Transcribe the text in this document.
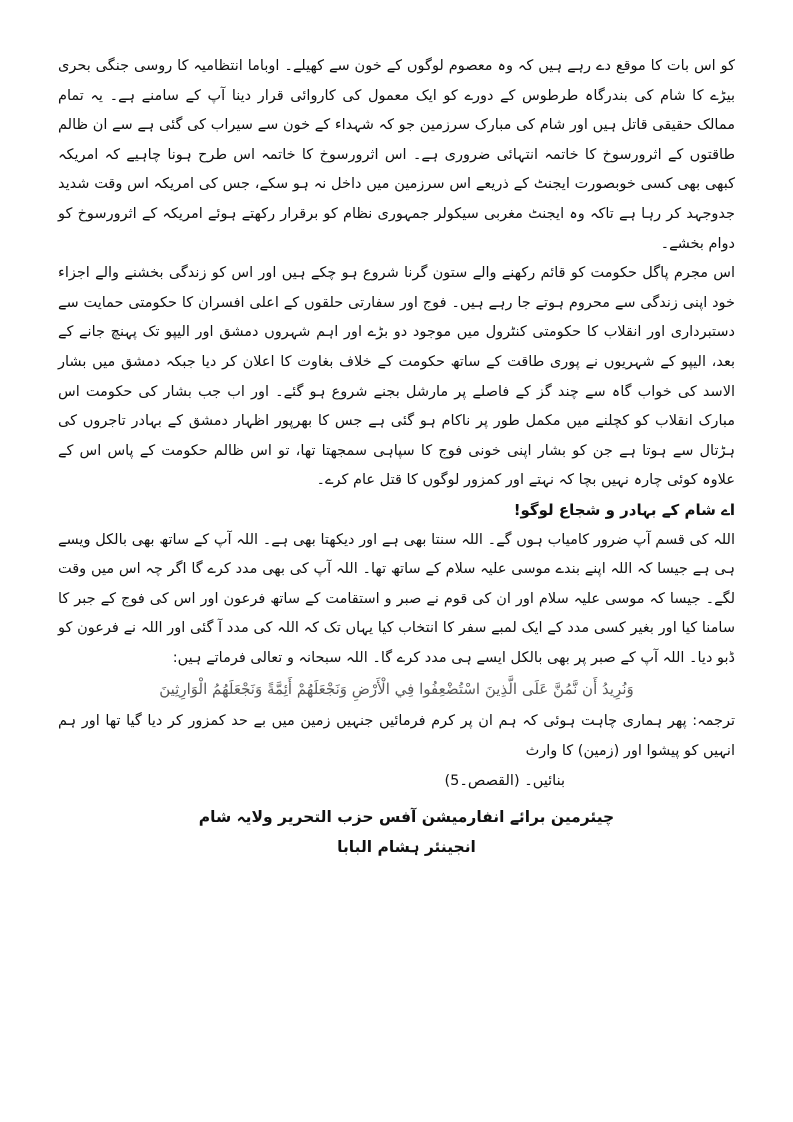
کو اس بات کا موقع دے رہے ہیں کہ وہ معصوم لوگوں کے خون سے کھیلے۔ اوباما انتظامیہ کا روسی جنگی بحری بیڑے کا شام کی بندرگاہ طرطوس کے دورے کو ایک معمول کی کاروائی قرار دینا آپ کے سامنے ہے۔ یہ تمام ممالک حقیقی قاتل ہیں اور شام کی مبارک سرزمین جو کہ شہداء کے خون سے سیراب کی گئی ہے سے ان ظالم طاقتوں کے اثرورسوخ کا خاتمہ انتہائی ضروری ہے۔ اس اثرورسوخ کا خاتمہ اس طرح ہونا چاہیے کہ امریکہ کبھی بھی کسی خوبصورت ایجنٹ کے ذریعے اس سرزمین میں داخل نہ ہو سکے، جس کی امریکہ اس وقت شدید جدوجہد کر رہا ہے تاکہ وہ ایجنٹ مغربی سیکولر جمہوری نظام کو برقرار رکھتے ہوئے امریکہ کے اثرورسوخ کو دوام بخشے۔

اس مجرم پاگل حکومت کو قائم رکھنے والے ستون گرنا شروع ہو چکے ہیں اور اس کو زندگی بخشنے والے اجزاء خود اپنی زندگی سے محروم ہوتے جا رہے ہیں۔ فوج اور سفارتی حلقوں کے اعلی افسران کا حکومتی حمایت سے دستبرداری اور انقلاب کا حکومتی کنٹرول میں موجود دو بڑے اور اہم شہروں دمشق اور الیپو تک پہنچ جانے کے بعد، الیپو کے شہریوں نے پوری طاقت کے ساتھ حکومت کے خلاف بغاوت کا اعلان کر دیا جبکہ دمشق میں بشار الاسد کی خواب گاہ سے چند گز کے فاصلے پر مارشل بجنے شروع ہو گئے۔ اور اب جب بشار کی حکومت اس مبارک انقلاب کو کچلنے میں مکمل طور پر ناکام ہو گئی ہے جس کا بھرپور اظہار دمشق کے بہادر تاجروں کی ہڑتال سے ہوتا ہے جن کو بشار اپنی خونی فوج کا سپاہی سمجھتا تھا، تو اس ظالم حکومت کے پاس اس کے علاوہ کوئی چارہ نہیں بچا کہ نہتے اور کمزور لوگوں کا قتل عام کرے۔

اے شام کے بہادر و شجاع لوگو!

اللہ کی قسم آپ ضرور کامیاب ہوں گے۔ اللہ سنتا بھی ہے اور دیکھتا بھی ہے۔ اللہ آپ کے ساتھ بھی بالکل ویسے ہی ہے جیسا کہ اللہ اپنے بندے موسی علیہ سلام کے ساتھ تھا۔ اللہ آپ کی بھی مدد کرے گا اگر چہ اس میں وقت لگے۔ جیسا کہ موسی علیہ سلام اور ان کی قوم نے صبر و استقامت کے ساتھ فرعون اور اس کی فوج کے جبر کا سامنا کیا اور بغیر کسی مدد کے ایک لمبے سفر کا انتخاب کیا یہاں تک کہ اللہ کی مدد آ گئی اور اللہ نے فرعون کو ڈبو دیا۔ اللہ آپ کے صبر پر بھی بالکل ایسے ہی مدد کرے گا۔ اللہ سبحانہ و تعالی فرماتے ہیں:

وَنُرِيدُ أَن نَّمُنَّ عَلَى الَّذِينَ اسْتُضْعِفُوا فِي الْأَرْضِ وَنَجْعَلَهُمْ أَئِمَّةً وَنَجْعَلَهُمُ الْوَارِثِينَ

ترجمہ: پھر ہماری چاہت ہوئی کہ ہم ان پر کرم فرمائیں جنہیں زمین میں بے حد کمزور کر دیا گیا تھا اور ہم انہیں کو پیشوا اور (زمین) کا وارث

بنائیں۔ (القصص۔5)

چیئرمین برائے انفارمیشن آفس حزب التحریر ولایہ شام
انجینئر ہشام البابا
